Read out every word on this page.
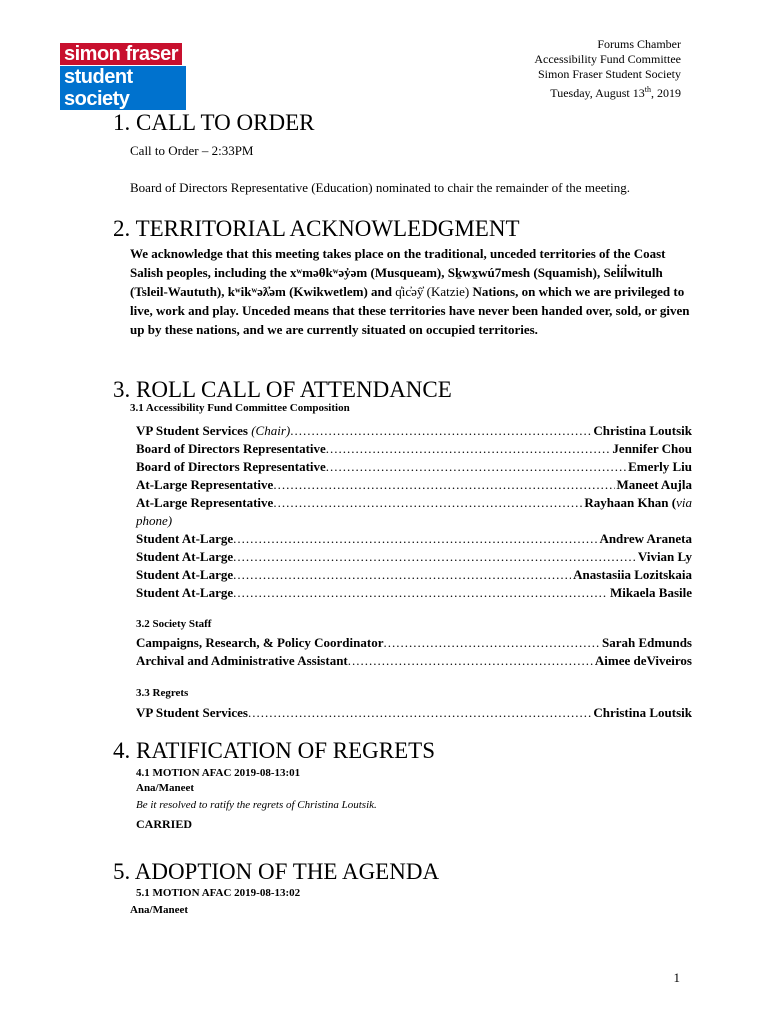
simon fraser
student society
Forums Chamber
Accessibility Fund Committee
Simon Fraser Student Society
Tuesday, August 13th, 2019
1. CALL TO ORDER
Call to Order – 2:33PM
Board of Directors Representative (Education) nominated to chair the remainder of the meeting.
2. TERRITORIAL ACKNOWLEDGMENT
We acknowledge that this meeting takes place on the traditional, unceded territories of the Coast Salish peoples, including the xʷməθkʷəy̓əm (Musqueam), Sḵwx̱wú7mesh (Squamish), Sel̓íl̓witulh (Tsleil-Waututh), kʷikʷəƛ̓əm (Kwikwetlem) and q̓̓ic̓əŷ̓ (Katzie) Nations, on which we are privileged to live, work and play. Unceded means that these territories have never been handed over, sold, or given up by these nations, and we are currently situated on occupied territories.
3. ROLL CALL OF ATTENDANCE
3.1 Accessibility Fund Committee Composition
VP Student Services (Chair) .....	Christina Loutsik
Board of Directors Representative .....	Jennifer Chou
Board of Directors Representative .....	Emerly Liu
At-Large Representative .....	Maneet Aujla
At-Large Representative .....	Rayhaan Khan (via
phone)
Student At-Large .....	Andrew Araneta
Student At-Large .....	Vivian Ly
Student At-Large .....	Anastasiia Lozitskaia
Student At-Large .....	Mikaela Basile
3.2 Society Staff
Campaigns, Research, & Policy Coordinator .....	Sarah Edmunds
Archival and Administrative Assistant .....	Aimee deViveiros
3.3 Regrets
VP Student Services .....	Christina Loutsik
4. RATIFICATION OF REGRETS
4.1 MOTION AFAC 2019-08-13:01
Ana/Maneet
Be it resolved to ratify the regrets of Christina Loutsik.
CARRIED
5. ADOPTION OF THE AGENDA
5.1 MOTION AFAC 2019-08-13:02
Ana/Maneet
1
